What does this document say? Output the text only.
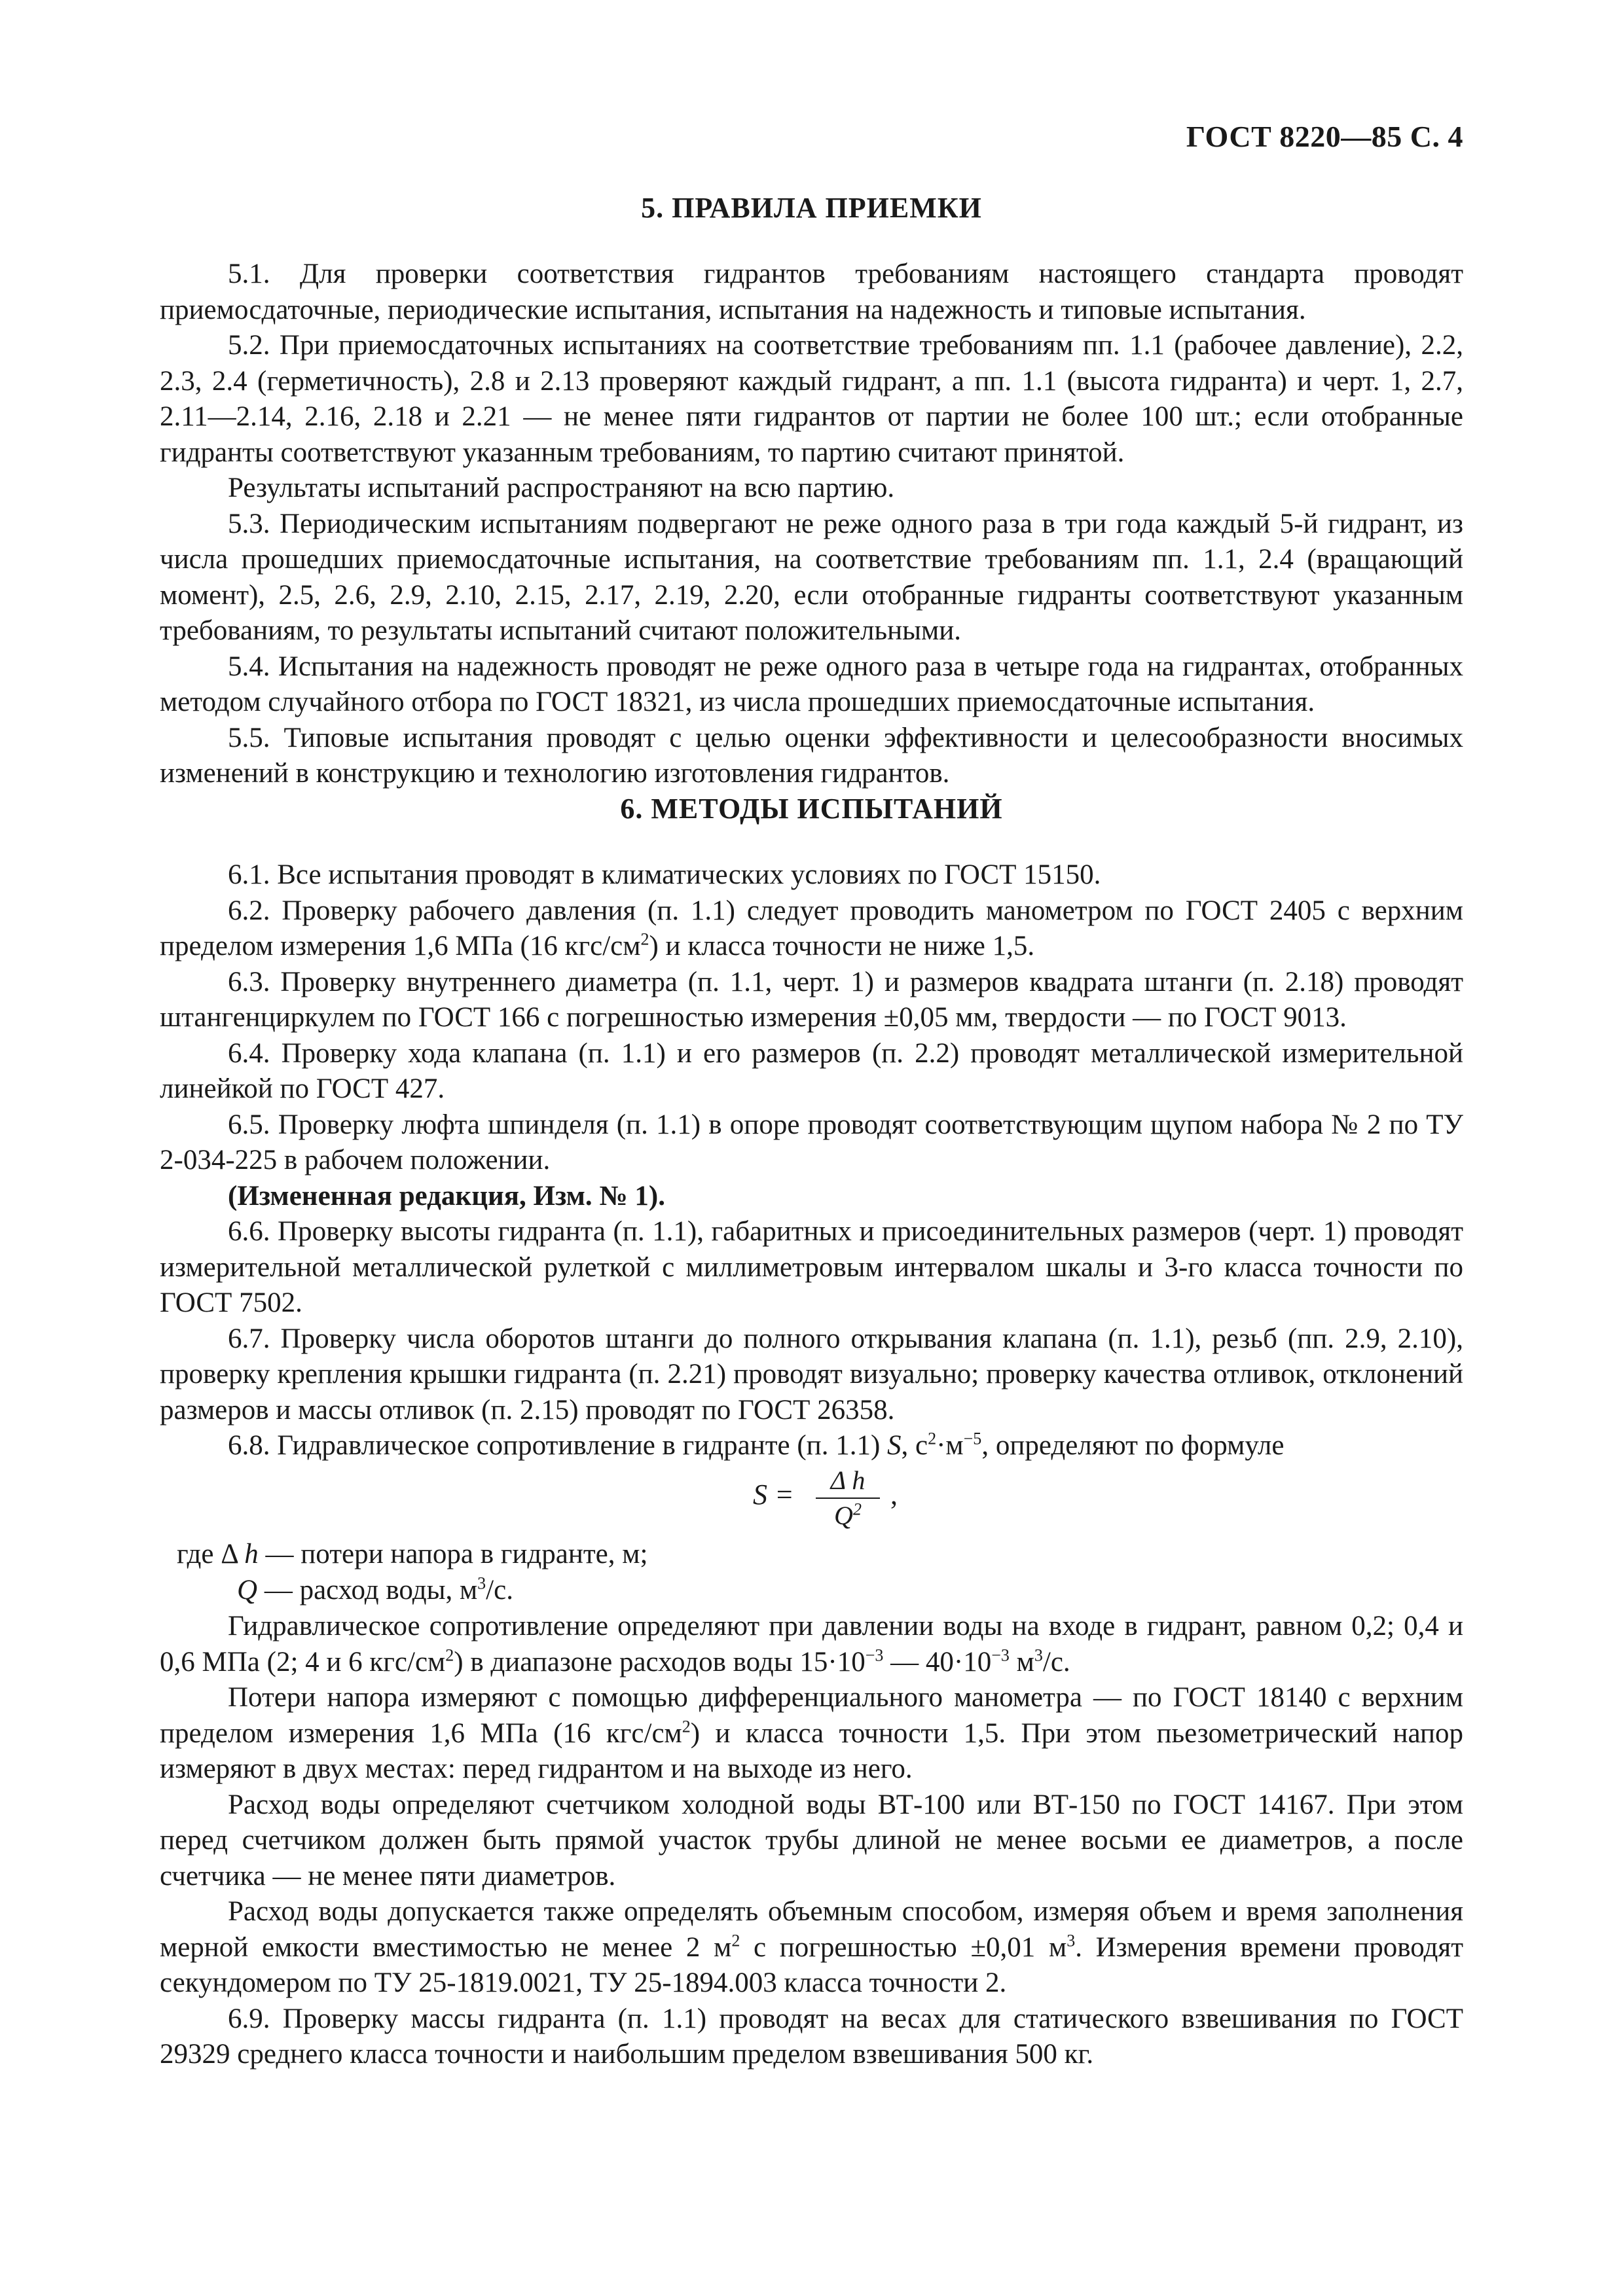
ГОСТ 8220—85 С. 4
5. ПРАВИЛА ПРИЕМКИ

5.1. Для проверки соответствия гидрантов требованиям настоящего стандарта проводят приемосдаточные, периодические испытания, испытания на надежность и типовые испытания.

5.2. При приемосдаточных испытаниях на соответствие требованиям пп. 1.1 (рабочее давление), 2.2, 2.3, 2.4 (герметичность), 2.8 и 2.13 проверяют каждый гидрант, а пп. 1.1 (высота гидранта) и черт. 1, 2.7, 2.11—2.14, 2.16, 2.18 и 2.21 — не менее пяти гидрантов от партии не более 100 шт.; если отобранные гидранты соответствуют указанным требованиям, то партию считают принятой.

Результаты испытаний распространяют на всю партию.

5.3. Периодическим испытаниям подвергают не реже одного раза в три года каждый 5-й гидрант, из числа прошедших приемосдаточные испытания, на соответствие требованиям пп. 1.1, 2.4 (вращающий момент), 2.5, 2.6, 2.9, 2.10, 2.15, 2.17, 2.19, 2.20, если отобранные гидранты соответствуют указанным требованиям, то результаты испытаний считают положительными.

5.4. Испытания на надежность проводят не реже одного раза в четыре года на гидрантах, отобранных методом случайного отбора по ГОСТ 18321, из числа прошедших приемосдаточные испытания.

5.5. Типовые испытания проводят с целью оценки эффективности и целесообразности вносимых изменений в конструкцию и технологию изготовления гидрантов.

6. МЕТОДЫ ИСПЫТАНИЙ

6.1. Все испытания проводят в климатических условиях по ГОСТ 15150.

6.2. Проверку рабочего давления (п. 1.1) следует проводить манометром по ГОСТ 2405 с верхним пределом измерения 1,6 МПа (16 кгс/$см^2$) и класса точности не ниже 1,5.

6.3. Проверку внутреннего диаметра (п. 1.1, черт. 1) и размеров квадрата штанги (п. 2.18) проводят штангенциркулем по ГОСТ 166 с погрешностью измерения ±0,05 мм, твердости — по ГОСТ 9013.

6.4. Проверку хода клапана (п. 1.1) и его размеров (п. 2.2) проводят металлической измерительной линейкой по ГОСТ 427.

6.5. Проверку люфта шпинделя (п. 1.1) в опоре проводят соответствующим щупом набора № 2 по ТУ 2-034-225 в рабочем положении.

(Измененная редакция, Изм. № 1).

6.6. Проверку высоты гидранта (п. 1.1), габаритных и присоединительных размеров (черт. 1) проводят измерительной металлической рулеткой с миллиметровым интервалом шкалы и 3-го класса точности по ГОСТ 7502.

6.7. Проверку числа оборотов штанги до полного открывания клапана (п. 1.1), резьб (пп. 2.9, 2.10), проверку крепления крышки гидранта (п. 2.21) проводят визуально; проверку качества отливок, отклонений размеров и массы отливок (п. 2.15) проводят по ГОСТ 26358.

6.8. Гидравлическое сопротивление в гидранте (п. 1.1) S, $с^2\cdot м^{-5}$, определяют по формуле

S =	Δ h
$Q^2$	,
где Δ h — потери напора в гидранте, м;
Q — расход воды, $м^3/с$.

Гидравлическое сопротивление определяют при давлении воды на входе в гидрант, равном 0,2; 0,4 и 0,6 МПа (2; 4 и 6 кгс/$см^2$) в диапазоне расходов воды $15\cdot 10^{-3}$ — $40\cdot 10^{-3}$ $м^3/с$.

Потери напора измеряют с помощью дифференциального манометра — по ГОСТ 18140 с верхним пределом измерения 1,6 МПа (16 кгс/$см^2$) и класса точности 1,5. При этом пьезометрический напор измеряют в двух местах: перед гидрантом и на выходе из него.

Расход воды определяют счетчиком холодной воды ВТ-100 или ВТ-150 по ГОСТ 14167. При этом перед счетчиком должен быть прямой участок трубы длиной не менее восьми ее диаметров, а после счетчика — не менее пяти диаметров.

Расход воды допускается также определять объемным способом, измеряя объем и время заполнения мерной емкости вместимостью не менее 2 $м^2$ с погрешностью ±0,01 $м^3$. Измерения времени проводят секундомером по ТУ 25-1819.0021, ТУ 25-1894.003 класса точности 2.

6.9. Проверку массы гидранта (п. 1.1) проводят на весах для статического взвешивания по ГОСТ 29329 среднего класса точности и наибольшим пределом взвешивания 500 кг.
